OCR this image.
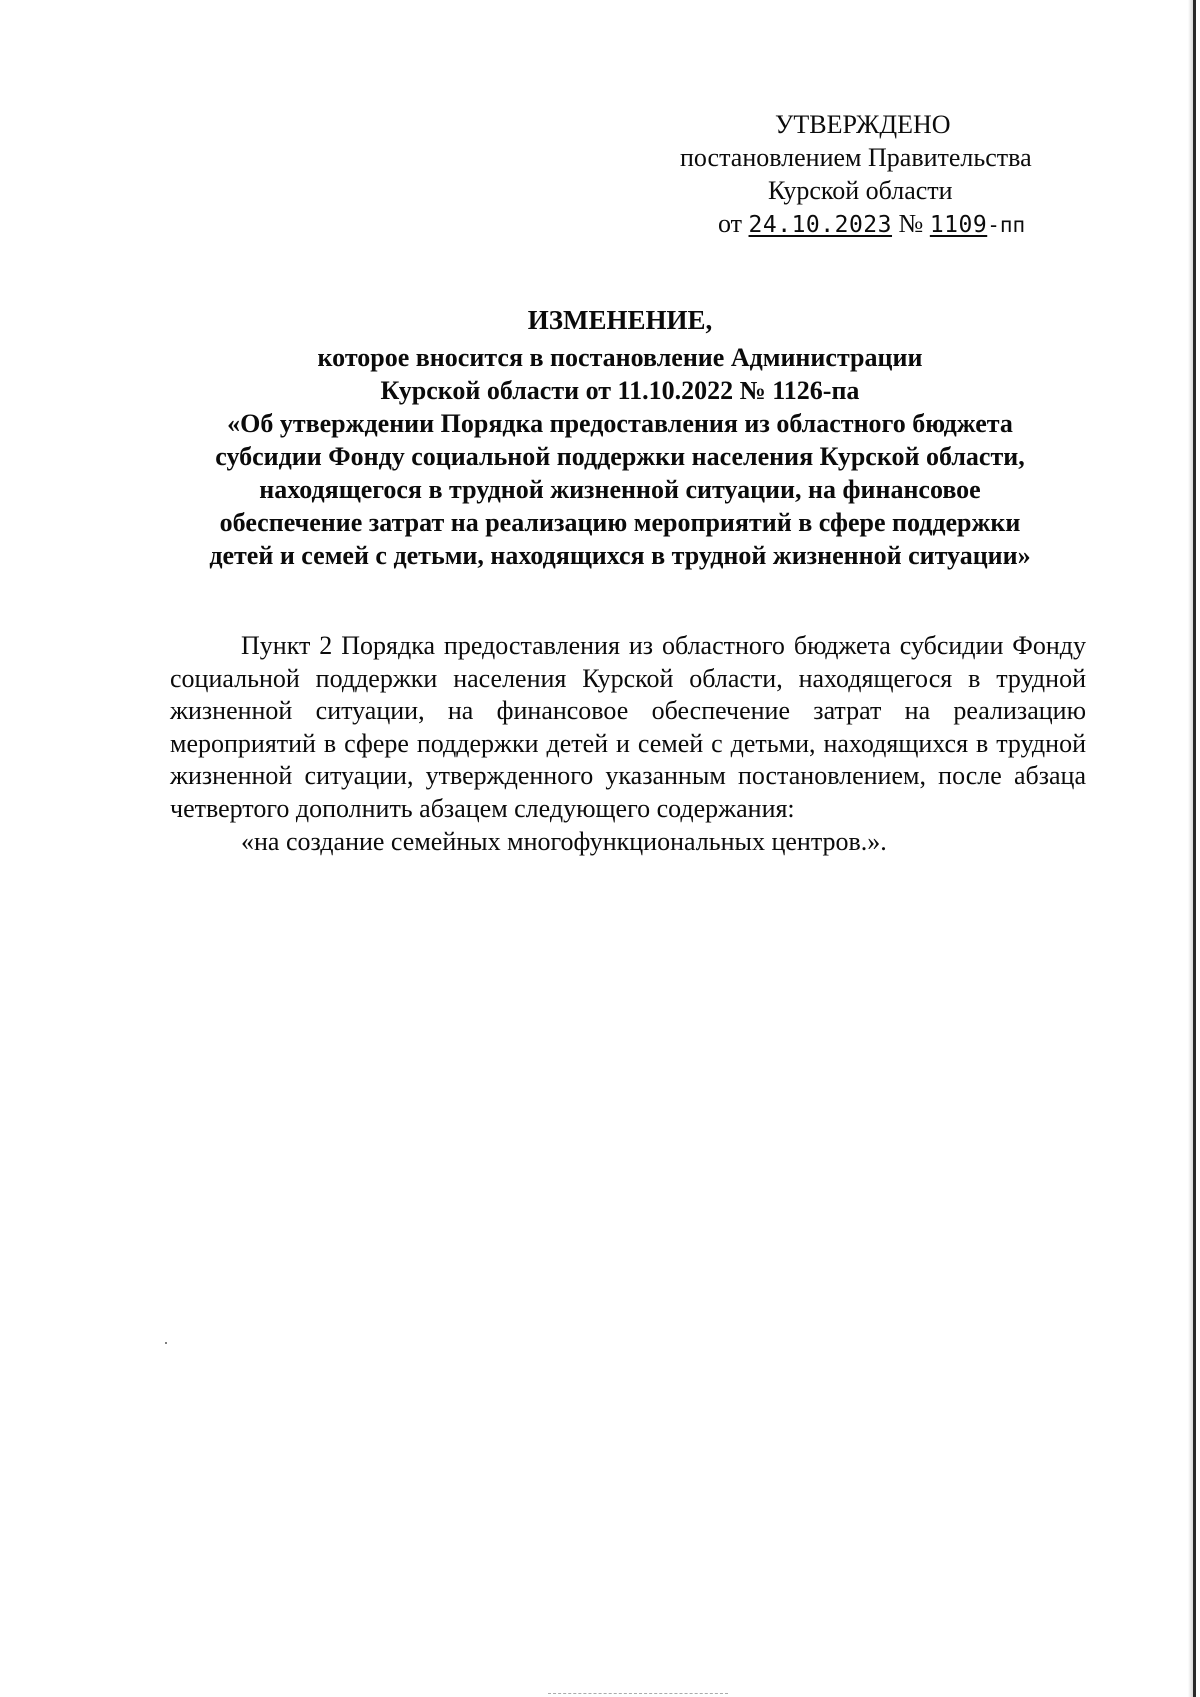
УТВЕРЖДЕНО
постановлением Правительства
Курской области
от 24.10.2023 № 1109-пп
ИЗМЕНЕНИЕ,
которое вносится в постановление Администрации
Курской области от 11.10.2022 № 1126-па
«Об утверждении Порядка предоставления из областного бюджета
субсидии Фонду социальной поддержки населения Курской области,
находящегося в трудной жизненной ситуации, на финансовое
обеспечение затрат на реализацию мероприятий в сфере поддержки
детей и семей с детьми, находящихся в трудной жизненной ситуации»

Пункт 2 Порядка предоставления из областного бюджета субсидии Фонду социальной поддержки населения Курской области, находящегося в трудной жизненной ситуации, на финансовое обеспечение затрат на реализацию мероприятий в сфере поддержки детей и семей с детьми, находящихся в трудной жизненной ситуации, утвержденного указанным постановлением, после абзаца четвертого дополнить абзацем следующего содержания:

«на создание семейных многофункциональных центров.».
